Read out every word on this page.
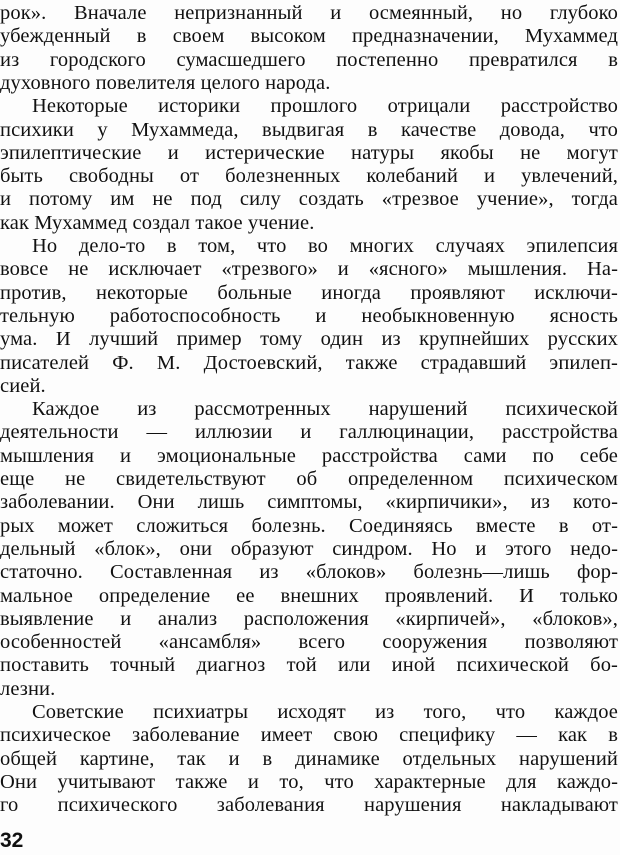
рок». Вначале непризнанный и осмеянный, но глубоко
убежденный в своем высоком предназначении, Мухаммед
из городского сумасшедшего постепенно превратился в
духовного повелителя целого народа.
Некоторые историки прошлого отрицали расстройство
психики у Мухаммеда, выдвигая в качестве довода, что
эпилептические и истерические натуры якобы не могут
быть свободны от болезненных колебаний и увлечений,
и потому им не под силу создать «трезвое учение», тогда
как Мухаммед создал такое учение.
Но дело-то в том, что во многих случаях эпилепсия
вовсе не исключает «трезвого» и «ясного» мышления. На-
против, некоторые больные иногда проявляют исключи-
тельную работоспособность и необыкновенную ясность
ума. И лучший пример тому один из крупнейших русских
писателей Ф. М. Достоевский, также страдавший эпилеп-
сией.
Каждое из рассмотренных нарушений психической
деятельности — иллюзии и галлюцинации, расстройства
мышления и эмоциональные расстройства сами по себе
еще не свидетельствуют об определенном психическом
заболевании. Они лишь симптомы, «кирпичики», из кото-
рых может сложиться болезнь. Соединяясь вместе в от-
дельный «блок», они образуют синдром. Но и этого недо-
статочно. Составленная из «блоков» болезнь—лишь фор-
мальное определение ее внешних проявлений. И только
выявление и анализ расположения «кирпичей», «блоков»,
особенностей «ансамбля» всего сооружения позволяют
поставить точный диагноз той или иной психической бо-
лезни.
Советские психиатры исходят из того, что каждое
психическое заболевание имеет свою специфику — как в
общей картине, так и в динамике отдельных нарушений
Они учитывают также и то, что характерные для каждо-
го психического заболевания нарушения накладывают
32
